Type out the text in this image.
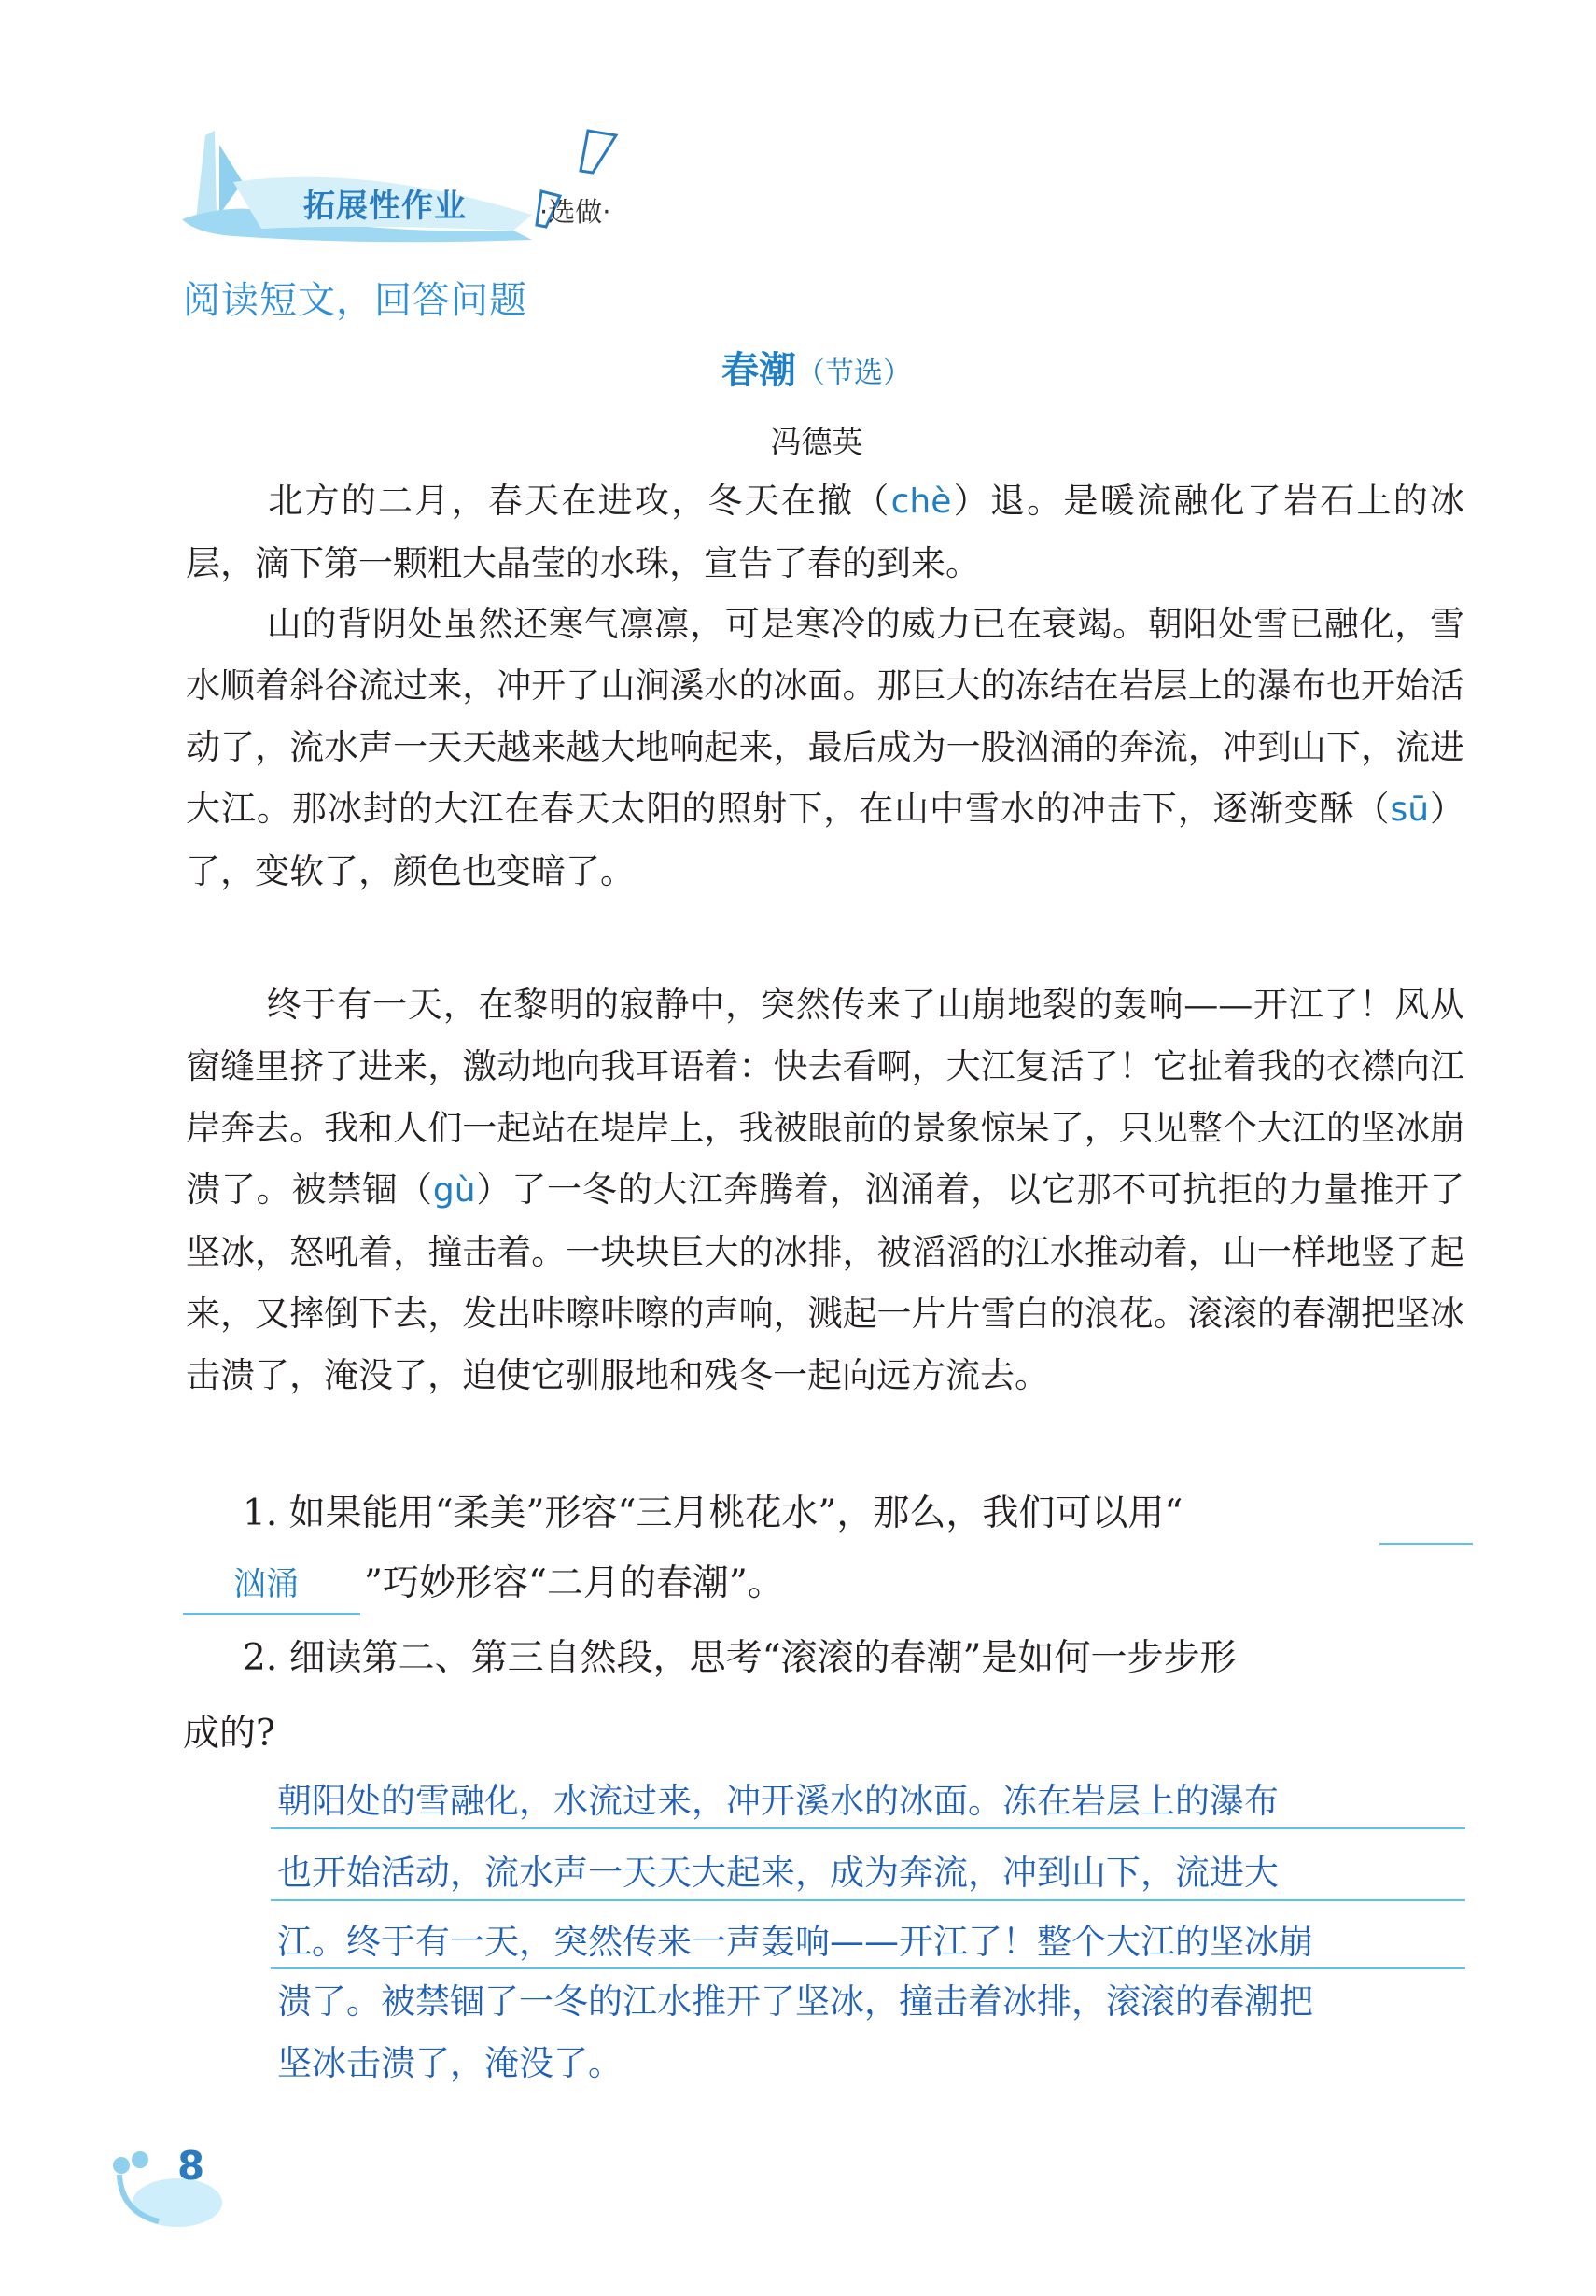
拓展性作业	·选做·
阅读短文，回答问题
春潮（节选）
冯德英
北方的二月，春天在进攻，冬天在撤（chè）退。是暖流融化了岩石上的冰层，滴下第一颗粗大晶莹的水珠，宣告了春的到来。
山的背阴处虽然还寒气凛凛，可是寒冷的威力已在衰竭。朝阳处雪已融化，雪水顺着斜谷流过来，冲开了山涧溪水的冰面。那巨大的冻结在岩层上的瀑布也开始活动了，流水声一天天越来越大地响起来，最后成为一股汹涌的奔流，冲到山下，流进大江。那冰封的大江在春天太阳的照射下，在山中雪水的冲击下，逐渐变酥（sū）了，变软了，颜色也变暗了。
终于有一天，在黎明的寂静中，突然传来了山崩地裂的轰响——开江了！风从窗缝里挤了进来，激动地向我耳语着：快去看啊，大江复活了！它扯着我的衣襟向江岸奔去。我和人们一起站在堤岸上，我被眼前的景象惊呆了，只见整个大江的坚冰崩溃了。被禁锢（gù）了一冬的大江奔腾着，汹涌着，以它那不可抗拒的力量推开了坚冰，怒吼着，撞击着。一块块巨大的冰排，被滔滔的江水推动着，山一样地竖了起来，又摔倒下去，发出咔嚓咔嚓的声响，溅起一片片雪白的浪花。滚滚的春潮把坚冰击溃了，淹没了，迫使它驯服地和残冬一起向远方流去。
1. 如果能用“柔美”形容“三月桃花水”，那么，我们可以用“
汹涌 ”巧妙形容“二月的春潮”。
2. 细读第二、第三自然段，思考“滚滚的春潮”是如何一步步形
成的?
朝阳处的雪融化，水流过来，冲开溪水的冰面。冻在岩层上的瀑布
也开始活动，流水声一天天大起来，成为奔流，冲到山下，流进大
江。终于有一天，突然传来一声轰响——开江了！整个大江的坚冰崩
溃了。被禁锢了一冬的江水推开了坚冰，撞击着冰排，滚滚的春潮把
坚冰击溃了，淹没了。
8
